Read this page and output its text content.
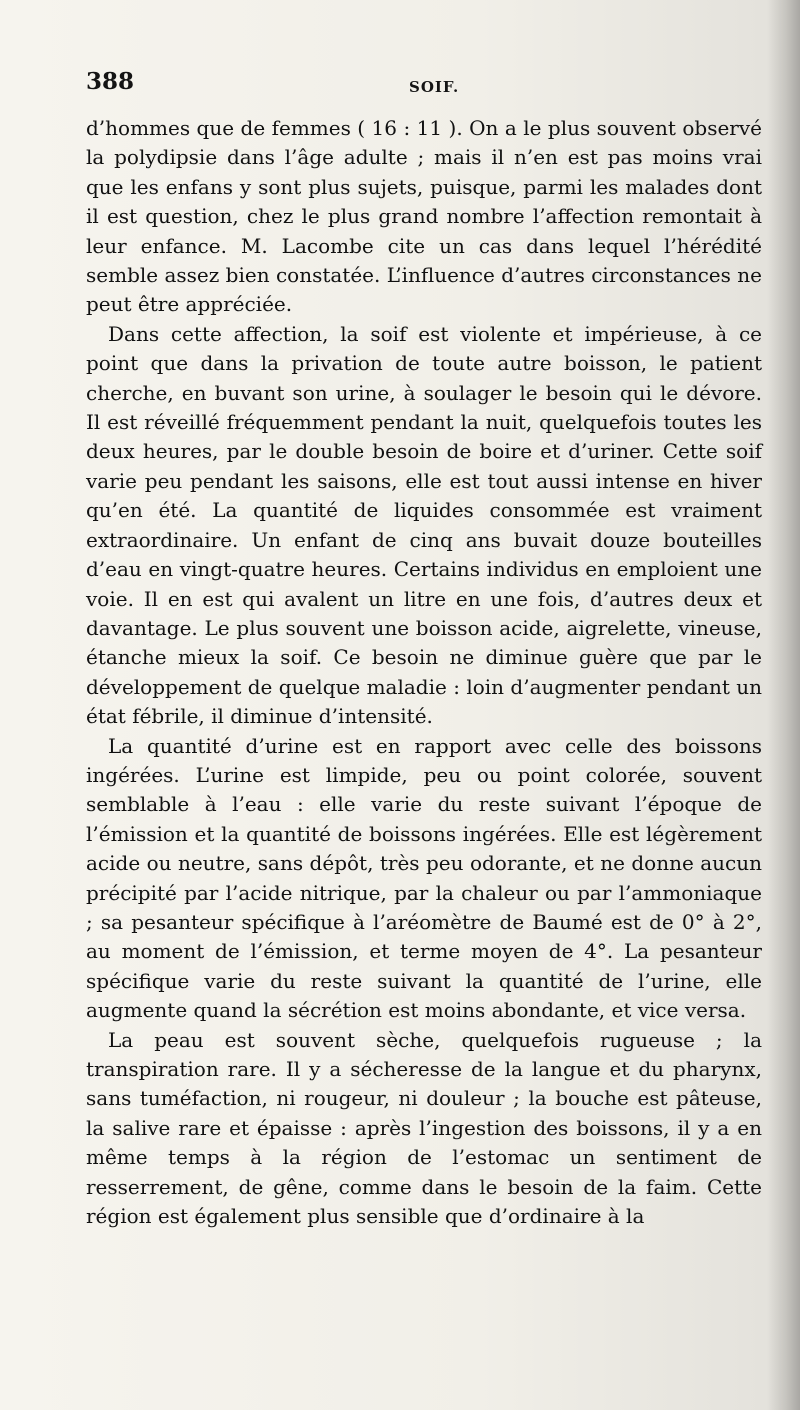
388	SOIF.

d’hommes que de femmes ( 16 : 11 ). On a le plus souvent observé la polydipsie dans l’âge adulte ; mais il n’en est pas moins vrai que les enfans y sont plus sujets, puisque, parmi les malades dont il est question, chez le plus grand nombre l’affection remontait à leur enfance. M. Lacombe cite un cas dans lequel l’hérédité semble assez bien constatée. L’influence d’autres circonstances ne peut être appréciée.

Dans cette affection, la soif est violente et impérieuse, à ce point que dans la privation de toute autre boisson, le patient cherche, en buvant son urine, à soulager le besoin qui le dévore. Il est réveillé fréquemment pendant la nuit, quelquefois toutes les deux heures, par le double besoin de boire et d’uriner. Cette soif varie peu pendant les saisons, elle est tout aussi intense en hiver qu’en été. La quantité de liquides consommée est vraiment extraordinaire. Un enfant de cinq ans buvait douze bouteilles d’eau en vingt-quatre heures. Certains individus en emploient une voie. Il en est qui avalent un litre en une fois, d’autres deux et davantage. Le plus souvent une boisson acide, aigrelette, vineuse, étanche mieux la soif. Ce besoin ne diminue guère que par le développement de quelque maladie : loin d’augmenter pendant un état fébrile, il diminue d’intensité.

La quantité d’urine est en rapport avec celle des boissons ingérées. L’urine est limpide, peu ou point colorée, souvent semblable à l’eau : elle varie du reste suivant l’époque de l’émission et la quantité de boissons ingérées. Elle est légèrement acide ou neutre, sans dépôt, très peu odorante, et ne donne aucun précipité par l’acide nitrique, par la chaleur ou par l’ammoniaque ; sa pesanteur spécifique à l’aréomètre de Baumé est de 0° à 2°, au moment de l’émission, et terme moyen de 4°. La pesanteur spécifique varie du reste suivant la quantité de l’urine, elle augmente quand la sécrétion est moins abondante, et vice versa.

La peau est souvent sèche, quelquefois rugueuse ; la transpiration rare. Il y a sécheresse de la langue et du pharynx, sans tuméfaction, ni rougeur, ni douleur ; la bouche est pâteuse, la salive rare et épaisse : après l’ingestion des boissons, il y a en même temps à la région de l’estomac un sentiment de resserrement, de gêne, comme dans le besoin de la faim. Cette région est également plus sensible que d’ordinaire à la
